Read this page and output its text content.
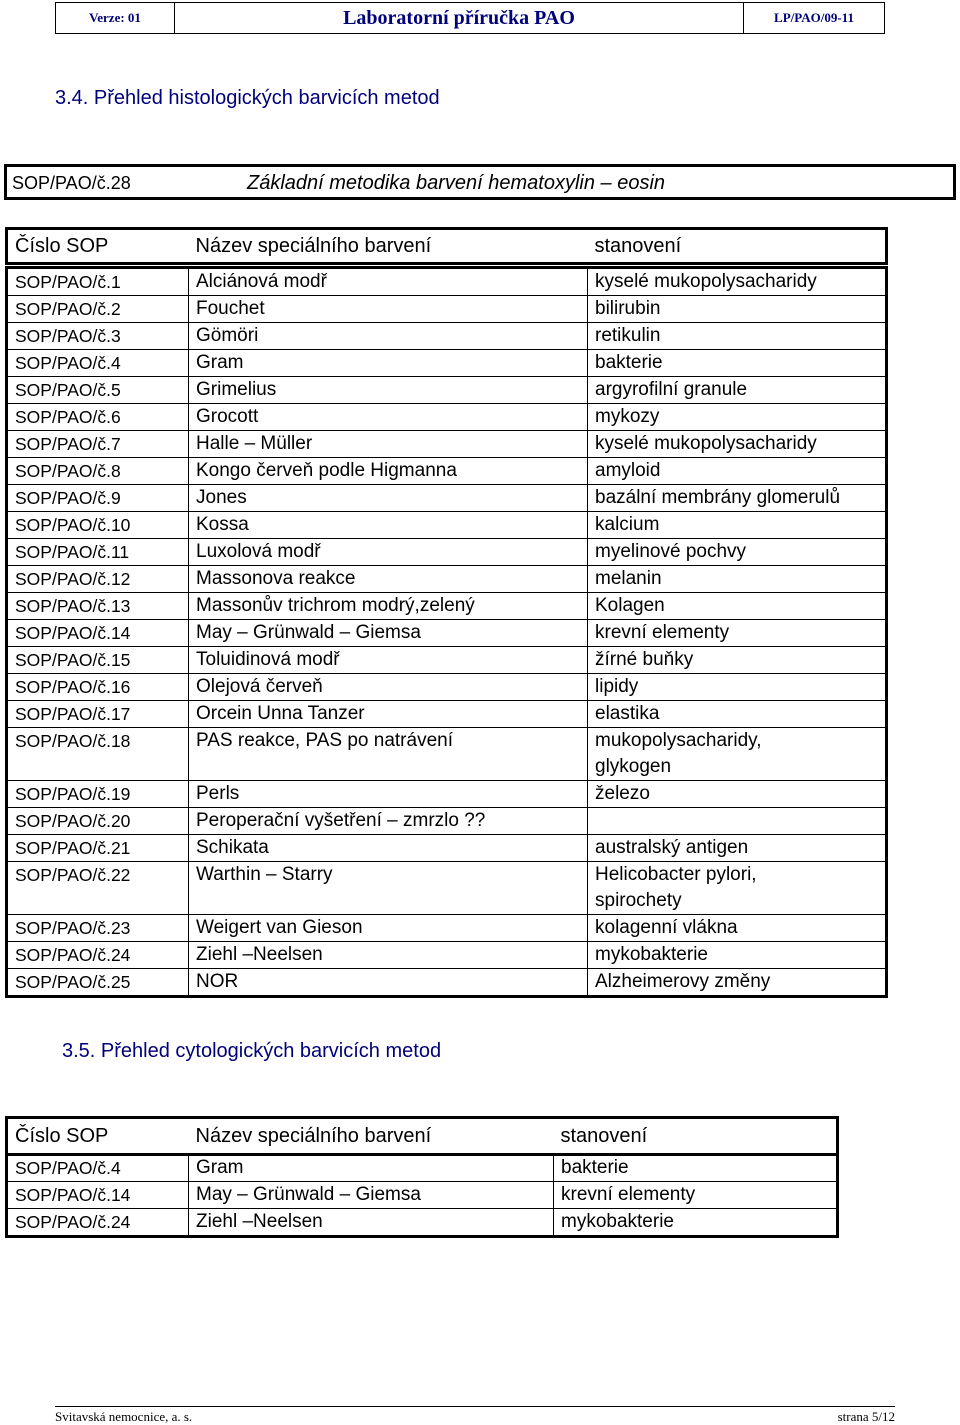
Verze: 01	Laboratorní příručka PAO	LP/PAO/09-11
3.4. Přehled histologických barvicích metod
SOP/PAO/č.28	Základní metodika barvení hematoxylin – eosin
Číslo SOP	Název speciálního barvení	stanovení
SOP/PAO/č.1	Alciánová modř	kyselé mukopolysacharidy
SOP/PAO/č.2	Fouchet	bilirubin
SOP/PAO/č.3	Gömöri	retikulin
SOP/PAO/č.4	Gram	bakterie
SOP/PAO/č.5	Grimelius	argyrofilní granule
SOP/PAO/č.6	Grocott	mykozy
SOP/PAO/č.7	Halle – Müller	kyselé mukopolysacharidy
SOP/PAO/č.8	Kongo červeň podle Higmanna	amyloid
SOP/PAO/č.9	Jones	bazální membrány glomerulů
SOP/PAO/č.10	Kossa	kalcium
SOP/PAO/č.11	Luxolová modř	myelinové pochvy
SOP/PAO/č.12	Massonova reakce	melanin
SOP/PAO/č.13	Massonův trichrom modrý,zelený	Kolagen
SOP/PAO/č.14	May – Grünwald – Giemsa	krevní elementy
SOP/PAO/č.15	Toluidinová modř	žírné buňky
SOP/PAO/č.16	Olejová červeň	lipidy
SOP/PAO/č.17	Orcein Unna Tanzer	elastika
SOP/PAO/č.18	PAS reakce, PAS po natrávení	mukopolysacharidy,
glykogen
SOP/PAO/č.19	Perls	železo
SOP/PAO/č.20	Peroperační vyšetření – zmrzlo ??	
SOP/PAO/č.21	Schikata	australský antigen
SOP/PAO/č.22	Warthin – Starry	Helicobacter pylori,
spirochety
SOP/PAO/č.23	Weigert van Gieson	kolagenní vlákna
SOP/PAO/č.24	Ziehl –Neelsen	mykobakterie
SOP/PAO/č.25	NOR	Alzheimerovy změny
3.5. Přehled cytologických barvicích metod
Číslo SOP	Název speciálního barvení	stanovení
SOP/PAO/č.4	Gram	bakterie
SOP/PAO/č.14	May – Grünwald – Giemsa	krevní elementy
SOP/PAO/č.24	Ziehl –Neelsen	mykobakterie
Svitavská nemocnice, a. s.	strana 5/12
